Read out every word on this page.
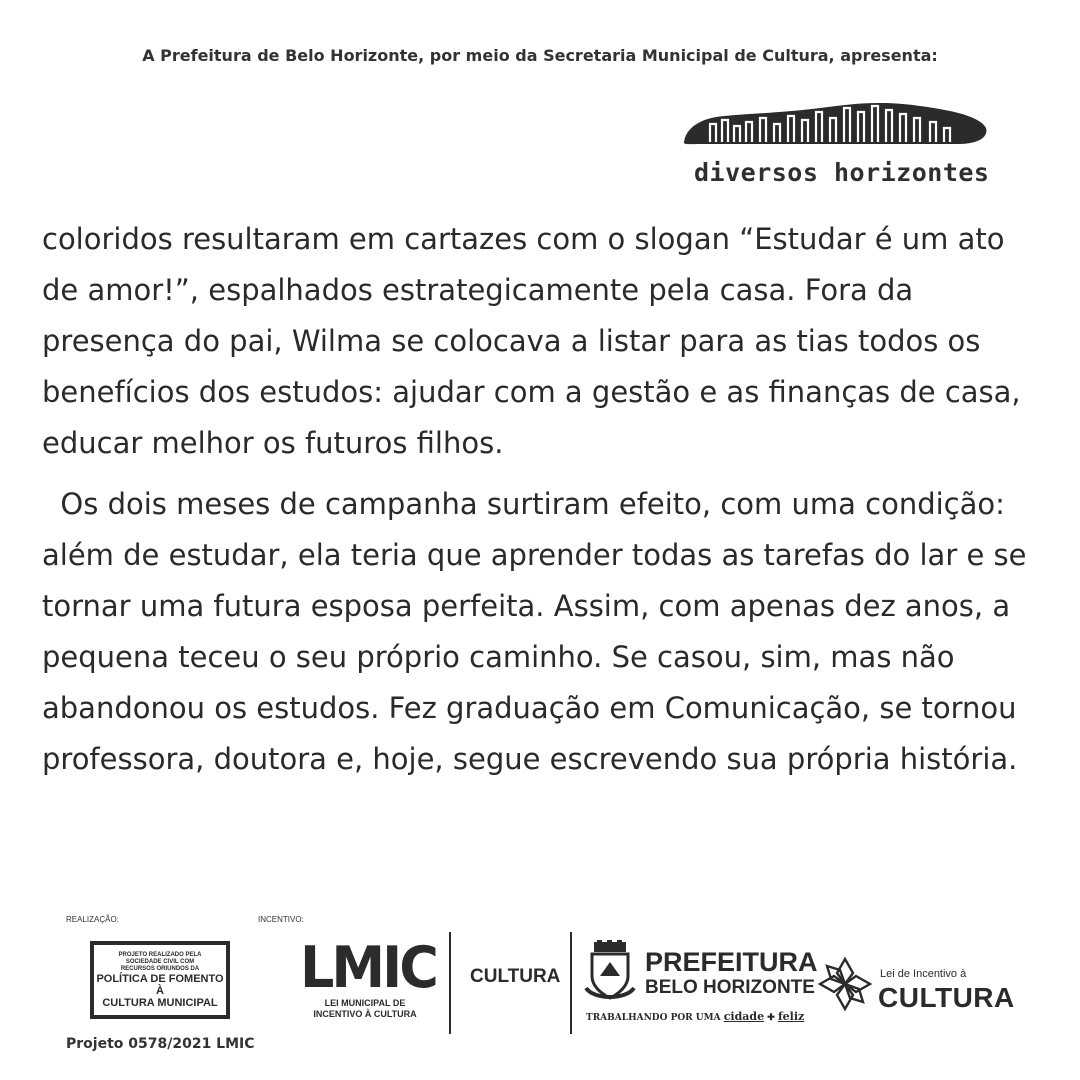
A Prefeitura de Belo Horizonte, por meio da Secretaria Municipal de Cultura, apresenta:
diversos horizontes

coloridos resultaram em cartazes com o slogan “Estudar é um ato
de amor!”, espalhados estrategicamente pela casa. Fora da
presença do pai, Wilma se colocava a listar para as tias todos os
benefícios dos estudos: ajudar com a gestão e as finanças de casa,
educar melhor os futuros filhos.

Os dois meses de campanha surtiram efeito, com uma condição:
além de estudar, ela teria que aprender todas as tarefas do lar e se
tornar uma futura esposa perfeita. Assim, com apenas dez anos, a
pequena teceu o seu próprio caminho. Se casou, sim, mas não
abandonou os estudos. Fez graduação em Comunicação, se tornou
professora, doutora e, hoje, segue escrevendo sua própria história.

REALIZAÇÃO:	INCENTIVO:
PROJETO REALIZADO PELA
SOCIEDADE CIVIL COM
RECURSOS ORIUNDOS DA
POLÍTICA DE FOMENTO À
CULTURA MUNICIPAL
Projeto 0578/2021 LMIC
LMIC
LEI MUNICIPAL DE
INCENTIVO À CULTURA
CULTURA	PREFEITURA
BELO HORIZONTE
TRABALHANDO POR UMA cidade ✚ feliz
Lei de Incentivo à
CULTURA
